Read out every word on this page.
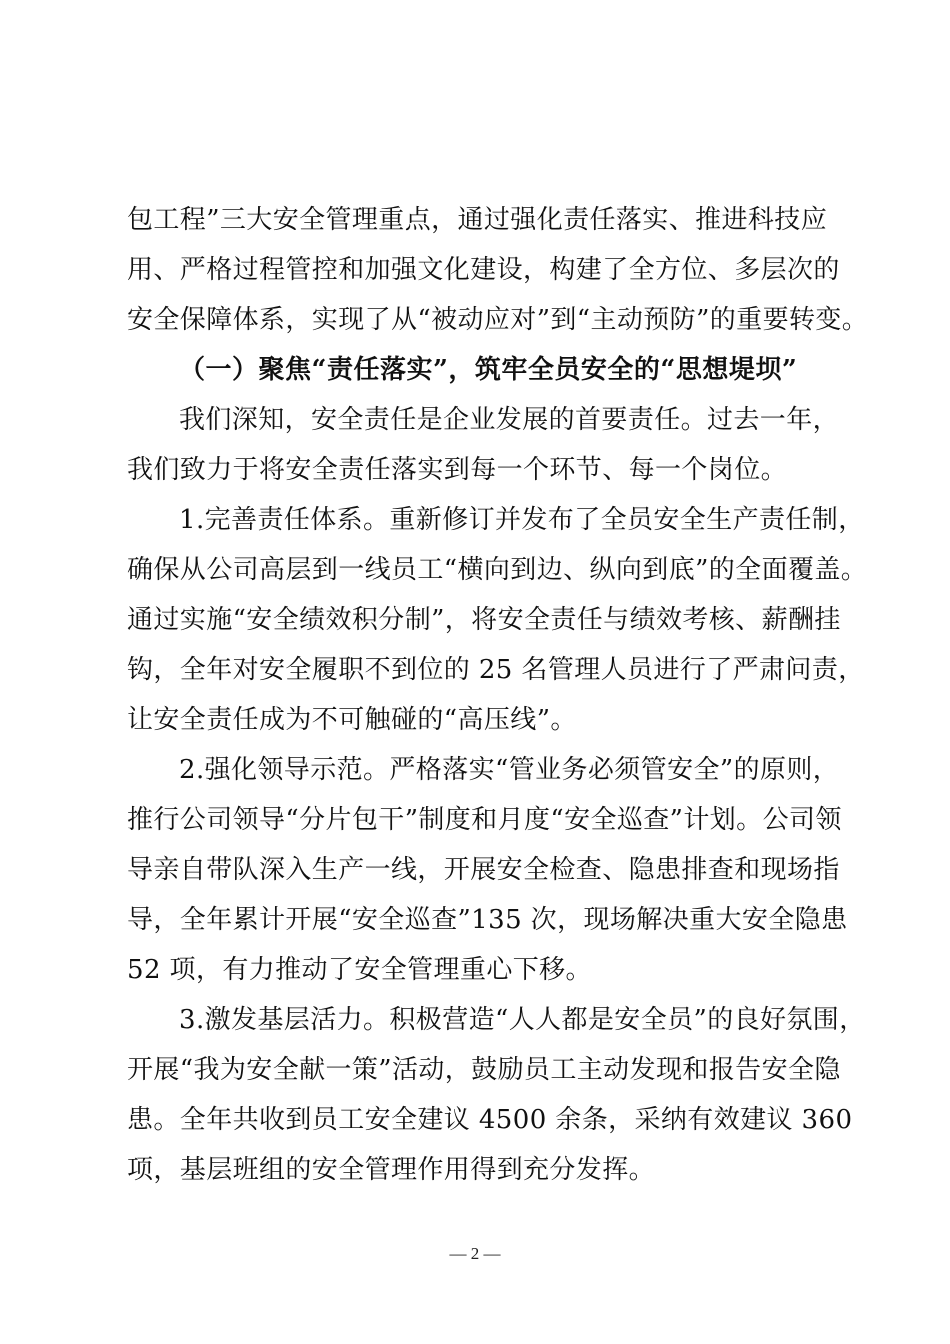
包工程”三大安全管理重点，通过强化责任落实、推进科技应
用、严格过程管控和加强文化建设，构建了全方位、多层次的
安全保障体系，实现了从“被动应对”到“主动预防”的重要转变。
（一）聚焦“责任落实”，筑牢全员安全的“思想堤坝”
我们深知，安全责任是企业发展的首要责任。过去一年，
我们致力于将安全责任落实到每一个环节、每一个岗位。
1.完善责任体系。重新修订并发布了全员安全生产责任制，
确保从公司高层到一线员工“横向到边、纵向到底”的全面覆盖。
通过实施“安全绩效积分制”，将安全责任与绩效考核、薪酬挂
钩，全年对安全履职不到位的 25 名管理人员进行了严肃问责，
让安全责任成为不可触碰的“高压线”。
2.强化领导示范。严格落实“管业务必须管安全”的原则，
推行公司领导“分片包干”制度和月度“安全巡查”计划。公司领
导亲自带队深入生产一线，开展安全检查、隐患排查和现场指
导，全年累计开展“安全巡查”135 次，现场解决重大安全隐患
52 项，有力推动了安全管理重心下移。
3.激发基层活力。积极营造“人人都是安全员”的良好氛围，
开展“我为安全献一策”活动，鼓励员工主动发现和报告安全隐
患。全年共收到员工安全建议 4500 余条，采纳有效建议 360
项，基层班组的安全管理作用得到充分发挥。
— 2 —
